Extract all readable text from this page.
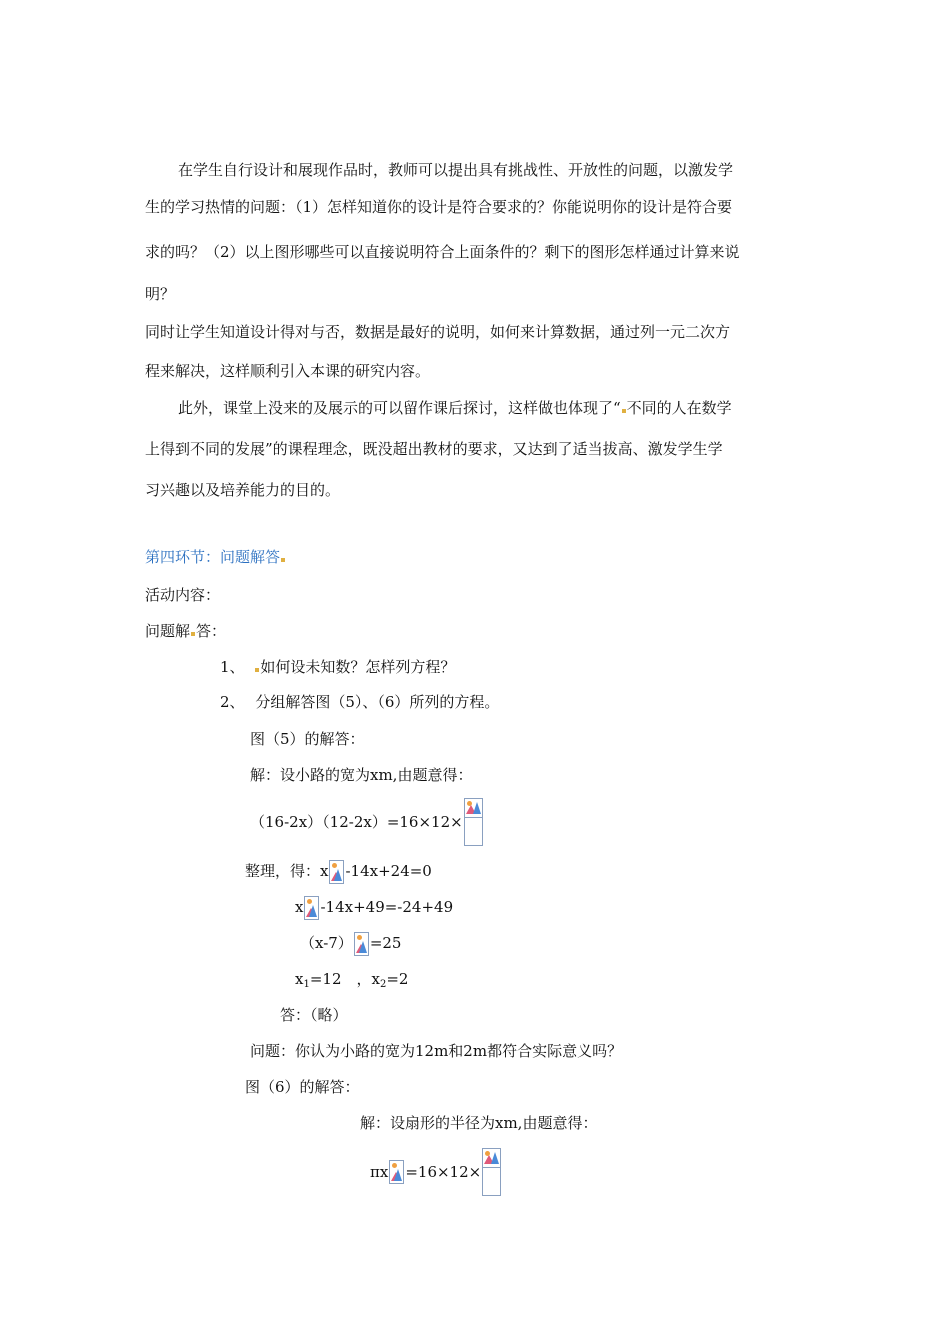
在学生自行设计和展现作品时，教师可以提出具有挑战性、开放性的问题，以激发学
生的学习热情的问题：（1）怎样知道你的设计是符合要求的？你能说明你的设计是符合要
求的吗？（2）以上图形哪些可以直接说明符合上面条件的？剩下的图形怎样通过计算来说
明？
同时让学生知道设计得对与否，数据是最好的说明，如何来计算数据，通过列一元二次方
程来解决，这样顺利引入本课的研究内容。
此外，课堂上没来的及展示的可以留作课后探讨，这样做也体现了“ 不同的人在数学
上得到不同的发展”的课程理念，既没超出教材的要求，又达到了适当拔高、激发学生学
习兴趣以及培养能力的目的。
第四环节：问题解答
活动内容：
问题解 答：
1、 如何设未知数？怎样列方程？
2、 分组解答图（5）、（6）所列的方程。
图（5）的解答：
解：设小路的宽为xm,由题意得：
（16-2x）（12-2x）=16×12×
整理，得：x -14x+24=0
x -14x+49=-24+49
（x-7） =25
$x_1=12$　，$x_2=2$
答：（略）
问题：你认为小路的宽为12m和2m都符合实际意义吗？
图（6）的解答：
解：设扇形的半径为xm,由题意得：
πx =16×12×
